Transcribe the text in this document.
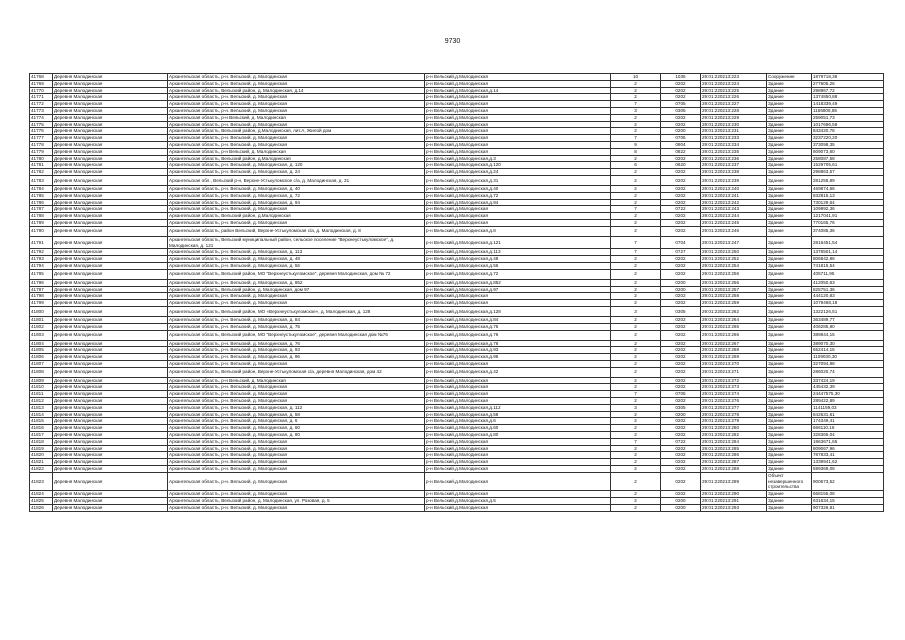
9730
41768	Деревня Малодинская	Архангельская область, р-н. Вельский, д. Малодинская	р-н Вельский,д.Малодинская	10	1035	29:01:220213:223	Сооружение	1879718,38
41769	Деревня Малодинская	Архангельская область, р-н. Вельский, д. Малодинская	р-н Вельский,д.Малодинская	2	0202	29:01:220213:224	Здание	277605,26
41770	Деревня Малодинская	Архангельская область, Вельский район, д. Малодинская, д.14	р-н Вельский,д.Малодинская,д.14	2	0202	29:01:220213:225	Здание	298967,72
41771	Деревня Малодинская	Архангельская область, р-н. Вельский, д. Малодинская	р-н Вельский,д.Малодинская	2	0202	29:01:220213:226	Здание	1374850,88
41772	Деревня Малодинская	Архангельская область, р-н. Вельский, д. Малодинская	р-н Вельский,д.Малодинская	7	0705	29:01:220213:227	Здание	1418339,49
41773	Деревня Малодинская	Архангельская область, р-н. Вельский, д. Малодинская	р-н Вельский,д.Малодинская	3	0305	29:01:220213:228	Здание	1156808,85
41774	Деревня Малодинская	Архангельская область, р-н Вельский, д. Малодинская	р-н Вельский,д.Малодинская	2	0202	29:01:220213:229	Здание	259051,73
41775	Деревня Малодинская	Архангельская область, р-н. Вельский, д. Малодинская	р-н Вельский,д.Малодинская	2	0202	29:01:220213:230	Здание	1017696,58
41776	Деревня Малодинская	Архангельская область, Вельский район, д.Малодинская, лит.А, Жилой дом	р-н Вельский,д.Малодинская	2	0200	29:01:220213:231	Здание	843420,78
41777	Деревня Малодинская	Архангельская область, р-н. Вельский, д. Малодинская	р-н Вельский,д.Малодинская	7	0705	29:01:220213:233	Здание	3237220,20
41778	Деревня Малодинская	Архангельская область, р-н. Вельский, д. Малодинская	р-н Вельский,д.Малодинская	9	0904	29:01:220213:234	Здание	373098,35
41779	Деревня Малодинская	Архангельская область, р-н Вельский, д. Малодинская	р-н Вельский,д.Малодинская	8	0822	29:01:220213:235	Здание	809073,60
41780	Деревня Малодинская	Архангельская область, Вельский район, д.Малодинская	р-н Вельский,д.Малодинская,д.3	2	0202	29:01:220213:236	Здание	258087,58
41781	Деревня Малодинская	Архангельская область, р-н. Вельский, д. Малодинская, д. 120	р-н Вельский,д.Малодинская,д.120	6	0620	29:01:220213:237	Здание	1529705,61
41782	Деревня Малодинская	Архангельская область, р-н. Вельский, д. Малодинская, д. 24	р-н Вельский,д.Малодинская,д.24	2	0202	29:01:220213:238	Здание	298863,57
41783	Деревня Малодинская	Архангельская обл., Вельский р-н, Верхне-Устькуломское с/а, д. Малодинская, д. 31	р-н Вельский,д.Малодинская,д.31	2	0202	29:01:220213:239	Здание	281255,89
41784	Деревня Малодинская	Архангельская область, р-н. Вельский, д. Малодинская, д. 40	р-н Вельский,д.Малодинская,д.40	2	0202	29:01:220213:240	Здание	469874,66
41785	Деревня Малодинская	Архангельская область, р-н. Вельский, д. Малодинская, д. 72	р-н Вельский,д.Малодинская,д.72	2	0202	29:01:220213:241	Здание	832815,13
41786	Деревня Малодинская	Архангельская область, р-н. Вельский, д. Малодинская, д. 94	р-н Вельский,д.Малодинская,д.94	2	0202	29:01:220213:242	Здание	730129,64
41787	Деревня Малодинская	Архангельская область, р-н. Вельский, д. Малодинская	р-н Вельский,д.Малодинская	7	0722	29:01:220213:243	Здание	109992,36
41788	Деревня Малодинская	Архангельская область, Вельский район, д.Малодинская	р-н Вельский,д.Малодинская	2	0202	29:01:220213:244	Здание	1217041,91
41789	Деревня Малодинская	Архангельская область, р-н. Вельский, д. Малодинская	р-н Вельский,д.Малодинская	2	0202	29:01:220213:245	Здание	770165,76
41790	Деревня Малодинская	Архангельская область, район Вельский, Верхне-Устькуломская с/а, д. Малодинская, д. 8	р-н Вельский,д.Малодинская,д.8	2	0202	29:01:220213:246	Здание	374085,36
41791	Деревня Малодинская	Архангельская область, Вельский муниципальный район, сельское поселение "Верхнеустькуломское", д. Малодинская, д. 121	р-н Вельский,д.Малодинская,д.121	7	0704	29:01:220213:247	Здание	2816451,54
41792	Деревня Малодинская	Архангельская область, р-н. Вельский, д. Малодинская, д. 113	р-н Вельский,д.Малодинская,д.113	7	0727	29:01:220213:250	Здание	1376501,14
41793	Деревня Малодинская	Архангельская область, р-н. Вельский, д. Малодинская, д. 48	р-н Вельский,д.Малодинская,д.48	2	0202	29:01:220213:252	Здание	806842,86
41794	Деревня Малодинская	Архангельская область, р-н. Вельский, д. Малодинская, д. 56	р-н Вельский,д.Малодинская,д.56	2	0202	29:01:220213:254	Здание	741815,54
41795	Деревня Малодинская	Архангельская область, Вельский район, МО "Верхнеустькуломское", деревня Малодинская, дом № 72	р-н Вельский,д.Малодинская,д.72	2	0202	29:01:220213:256	Здание	405711,95
41796	Деревня Малодинская	Архангельская область, р-н. Вельский, д. Малодинская, д. 852	р-н Вельский,д.Малодинская,д.852	2	0200	29:01:220213:256	Здание	412050,83
41797	Деревня Малодинская	Архангельская область, Вельский район, д. Малодинская, дом 97	р-н Вельский,д.Малодинская,д.97	2	0200	29:01:220213:257	Здание	825751,36
41798	Деревня Малодинская	Архангельская область, р-н. Вельский, д. Малодинская	р-н Вельский,д.Малодинская	2	0202	29:01:220213:258	Здание	444120,83
41799	Деревня Малодинская	Архангельская область, р-н. Вельский, д. Малодинская	р-н Вельский,д.Малодинская	2	0202	29:01:220213:259	Здание	1079468,18
41800	Деревня Малодинская	Архангельская область, Вельский район, МО «Верхнеустькуломское», д. Малодинская, д. 128	р-н Вельский,д.Малодинская,д.128	3	0305	29:01:220213:262	Здание	1322126,51
41801	Деревня Малодинская	Архангельская область, р-н. Вельский, д. Малодинская, д. 84	р-н Вельский,д.Малодинская,д.84	2	0202	29:01:220213:264	Здание	363489,77
41802	Деревня Малодинская	Архангельская область, р-н. Вельский, д. Малодинская, д. 75	р-н Вельский,д.Малодинская,д.75	2	0202	29:01:220213:265	Здание	406285,80
41803	Деревня Малодинская	Архангельская область, Вельский район, МО "Верхнеустькуломское", деревня Малодинская дом №76	р-н Вельский,д.Малодинская,д.76	2	0202	29:01:220213:266	Здание	389844,15
41804	Деревня Малодинская	Архангельская область, р-н. Вельский, д. Малодинская, д. 76	р-н Вельский,д.Малодинская,д.76	2	0202	29:01:220213:267	Здание	389070,30
41805	Деревня Малодинская	Архангельская область, р-н. Вельский, д. Малодинская, д. 93	р-н Вельский,д.Малодинская,д.93	2	0202	29:01:220213:268	Здание	652414,15
41806	Деревня Малодинская	Архангельская область, р-н. Вельский, д. Малодинская, д. 96	р-н Вельский,д.Малодинская,д.96	2	0202	29:01:220213:269	Здание	1109030,30
41807	Деревня Малодинская	Архангельская область, р-н. Вельский, д. Малодинская	р-н Вельский,д.Малодинская	2	0202	29:01:220213:270	Здание	327094,88
41808	Деревня Малодинская	Архангельская область, Вельский район, Верхне-Устькуломская с/а, деревня Малодинская, дом 42	р-н Вельский,д.Малодинская,д.42	2	0202	29:01:220213:271	Здание	286020,74
41809	Деревня Малодинская	Архангельская область, р-н Вельский, д. Малодинская	р-н Вельский,д.Малодинская	2	0202	29:01:220213:272	Здание	337424,19
41810	Деревня Малодинская	Архангельская область, р-н. Вельский, д. Малодинская	р-н Вельский,д.Малодинская	2	0202	29:01:220213:273	Здание	445432,39
41811	Деревня Малодинская	Архангельская область, р-н. Вельский, д. Малодинская	р-н Вельский,д.Малодинская	7	0705	29:01:220213:274	Здание	24447575,30
41812	Деревня Малодинская	Архангельская область, р-н. Вельский, д. Малодинская	р-н Вельский,д.Малодинская	2	0202	29:01:220213:276	Здание	289422,89
41813	Деревня Малодинская	Архангельская область, р-н. Вельский, д. Малодинская, д. 112	р-н Вельский,д.Малодинская,д.112	3	0305	29:01:220213:277	Здание	1141159,03
41814	Деревня Малодинская	Архангельская область, р-н. Вельский, д. Малодинская, д. 58	р-н Вельский,д.Малодинская,д.58	2	0200	29:01:220213:278	Здание	842631,61
41815	Деревня Малодинская	Архангельская область, р-н. Вельский, д. Малодинская, д. 6	р-н Вельский,д.Малодинская,д.6	2	0202	29:01:220213:279	Здание	174349,41
41816	Деревня Малодинская	Архангельская область, р-н. Вельский, д. Малодинская, д. 60	р-н Вельский,д.Малодинская,д.60	2	0202	29:01:220213:280	Здание	666110,16
41817	Деревня Малодинская	Архангельская область, р-н. Вельский, д. Малодинская, д. 80	р-н Вельский,д.Малодинская,д.80	2	0202	29:01:220213:282	Здание	328365,04
41818	Деревня Малодинская	Архангельская область, р-н. Вельский, д. Малодинская	р-н Вельский,д.Малодинская	7	0722	29:01:220213:284	Здание	1863671,65
41819	Деревня Малодинская	Архангельская область, р-н. Вельский, д. Малодинская	р-н Вельский,д.Малодинская	2	0202	29:01:220213:285	Здание	809067,96
41820	Деревня Малодинская	Архангельская область, р-н. Вельский, д. Малодинская	р-н Вельский,д.Малодинская	2	0202	29:01:220213:286	Здание	787833,41
41821	Деревня Малодинская	Архангельская область, р-н. Вельский, д. Малодинская	р-н Вельский,д.Малодинская	2	0202	29:01:220213:287	Здание	1339941,62
41822	Деревня Малодинская	Архангельская область, р-н. Вельский, д. Малодинская	р-н Вельский,д.Малодинская	2	0202	29:01:220213:288	Здание	599369,08
41823	Деревня Малодинская	Архангельская область, р-н. Вельский, д. Малодинская	р-н Вельский,д.Малодинская	2	0202	29:01:220213:289	Объект незавершенного строительства	900673,52
41824	Деревня Малодинская	Архангельская область, р-н. Вельский, д. Малодинская	р-н Вельский,д.Малодинская	2	0202	29:01:220213:290	Здание	668155,08
41825	Деревня Малодинская	Архангельская область, Вельский район, д. Малодинская, ул. Розовая, д. 5	р-н Вельский,д.Малодинская,д.5	2	0200	29:01:220213:291	Здание	631634,15
41826	Деревня Малодинская	Архангельская область, р-н. Вельский, д. Малодинская	р-н Вельский,д.Малодинская	2	0200	29:01:220213:293	Здание	907326,81
